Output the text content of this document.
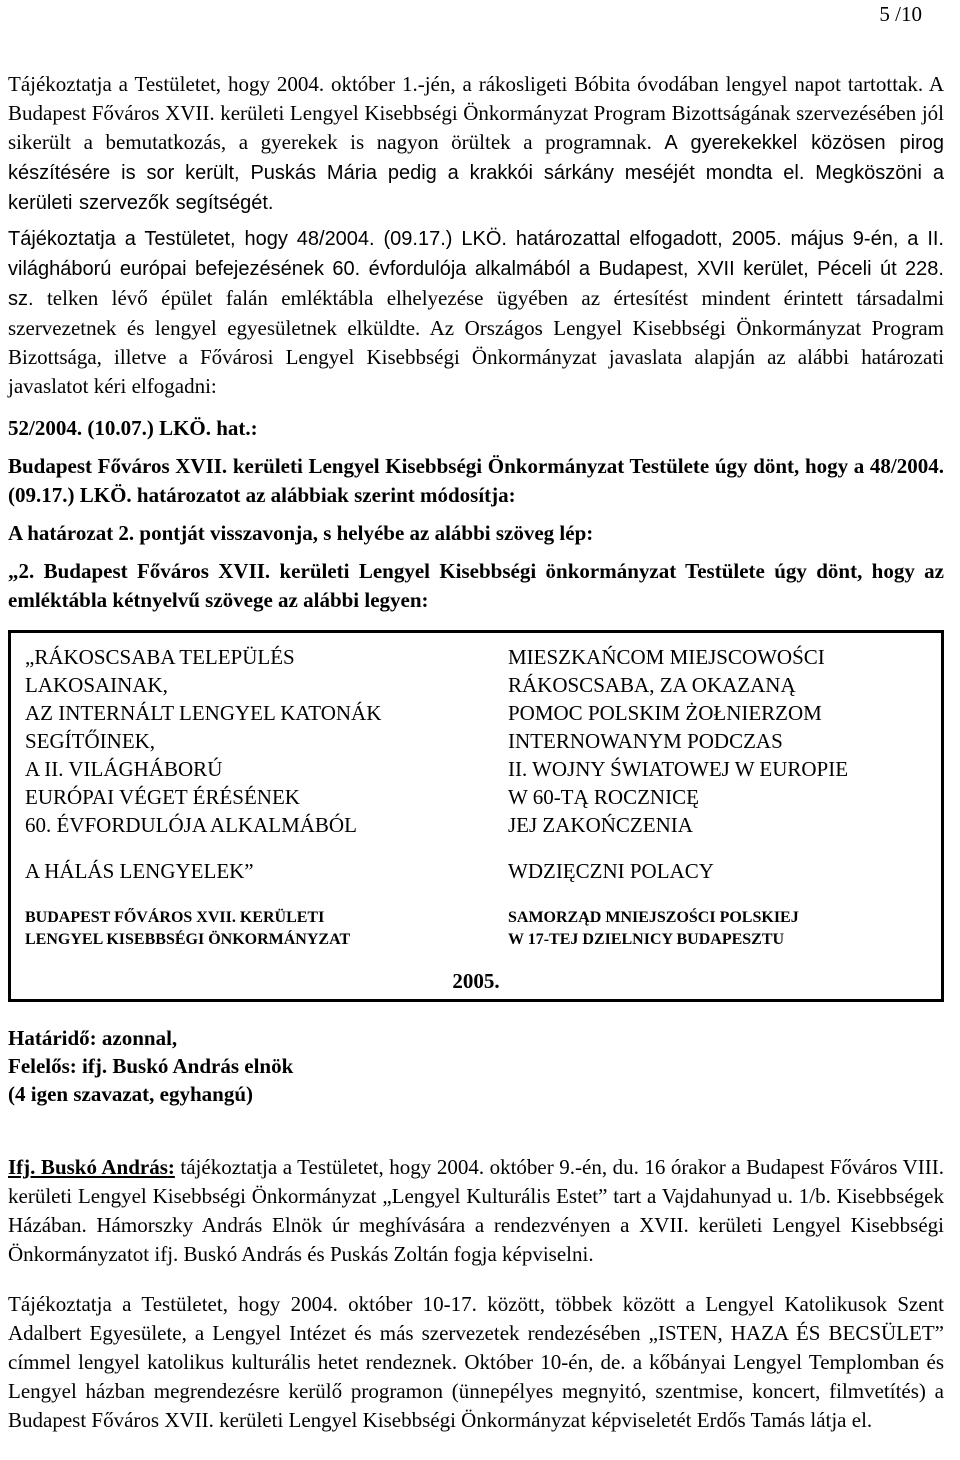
5 /10

Tájékoztatja a Testületet, hogy 2004. október 1.-jén, a rákosligeti Bóbita óvodában lengyel napot tartottak. A Budapest Főváros XVII. kerületi Lengyel Kisebbségi Önkormányzat Program Bizottságának szervezésében jól sikerült a bemutatkozás, a gyerekek is nagyon örültek a programnak. A gyerekekkel közösen pirog készítésére is sor került, Puskás Mária pedig a krakkói sárkány meséjét mondta el. Megköszöni a kerületi szervezők segítségét.

Tájékoztatja a Testületet, hogy 48/2004. (09.17.) LKÖ. határozattal elfogadott, 2005. május 9-én, a II. világháború európai befejezésének 60. évfordulója alkalmából a Budapest, XVII kerület, Péceli út 228. sz. telken lévő épület falán emléktábla elhelyezése ügyében az értesítést mindent érintett társadalmi szervezetnek és lengyel egyesületnek elküldte. Az Országos Lengyel Kisebbségi Önkormányzat Program Bizottsága, illetve a Fővárosi Lengyel Kisebbségi Önkormányzat javaslata alapján az alábbi határozati javaslatot kéri elfogadni:

52/2004. (10.07.) LKÖ. hat.:
Budapest Főváros XVII. kerületi Lengyel Kisebbségi Önkormányzat Testülete úgy dönt, hogy a 48/2004. (09.17.) LKÖ. határozatot az alábbiak szerint módosítja:
A határozat 2. pontját visszavonja, s helyébe az alábbi szöveg lép:
„2. Budapest Főváros XVII. kerületi Lengyel Kisebbségi önkormányzat Testülete úgy dönt, hogy az emléktábla kétnyelvű szövege az alábbi legyen:

„RÁKOSCSABA TELEPÜLÉS
LAKOSAINAK,
AZ INTERNÁLT LENGYEL KATONÁK
SEGÍTŐINEK,
A II. VILÁGHÁBORÚ
EURÓPAI VÉGET ÉRÉSÉNEK
60. ÉVFORDULÓJA ALKALMÁBÓL

A HÁLÁS LENGYELEK”
BUDAPEST FŐVÁROS XVII. KERÜLETI
LENGYEL KISEBBSÉGI ÖNKORMÁNYZAT

MIESZKAŃCOM MIEJSCOWOŚCI
RÁKOSCSABA, ZA OKAZANĄ
POMOC POLSKIM ŻOŁNIERZOM
INTERNOWANYM PODCZAS
II. WOJNY ŚWIATOWEJ W EUROPIE
W 60-TĄ ROCZNICĘ
JEJ ZAKOŃCZENIA

WDZIĘCZNI POLACY
SAMORZĄD MNIEJSZOŚCI POLSKIEJ
W 17-TEJ DZIELNICY BUDAPESZTU
2005.
Határidő: azonnal,
Felelős: ifj. Buskó András elnök
(4 igen szavazat, egyhangú)

Ifj. Buskó András: tájékoztatja a Testületet, hogy 2004. október 9.-én, du. 16 órakor a Budapest Főváros VIII. kerületi Lengyel Kisebbségi Önkormányzat „Lengyel Kulturális Estet” tart a Vajdahunyad u. 1/b. Kisebbségek Házában. Hámorszky András Elnök úr meghívására a rendezvényen a XVII. kerületi Lengyel Kisebbségi Önkormányzatot ifj. Buskó András és Puskás Zoltán fogja képviselni.

Tájékoztatja a Testületet, hogy 2004. október 10-17. között, többek között a Lengyel Katolikusok Szent Adalbert Egyesülete, a Lengyel Intézet és más szervezetek rendezésében „ISTEN, HAZA ÉS BECSÜLET” címmel lengyel katolikus kulturális hetet rendeznek. Október 10-én, de. a kőbányai Lengyel Templomban és Lengyel házban megrendezésre kerülő programon (ünnepélyes megnyitó, szentmise, koncert, filmvetítés) a Budapest Főváros XVII. kerületi Lengyel Kisebbségi Önkormányzat képviseletét Erdős Tamás látja el.
